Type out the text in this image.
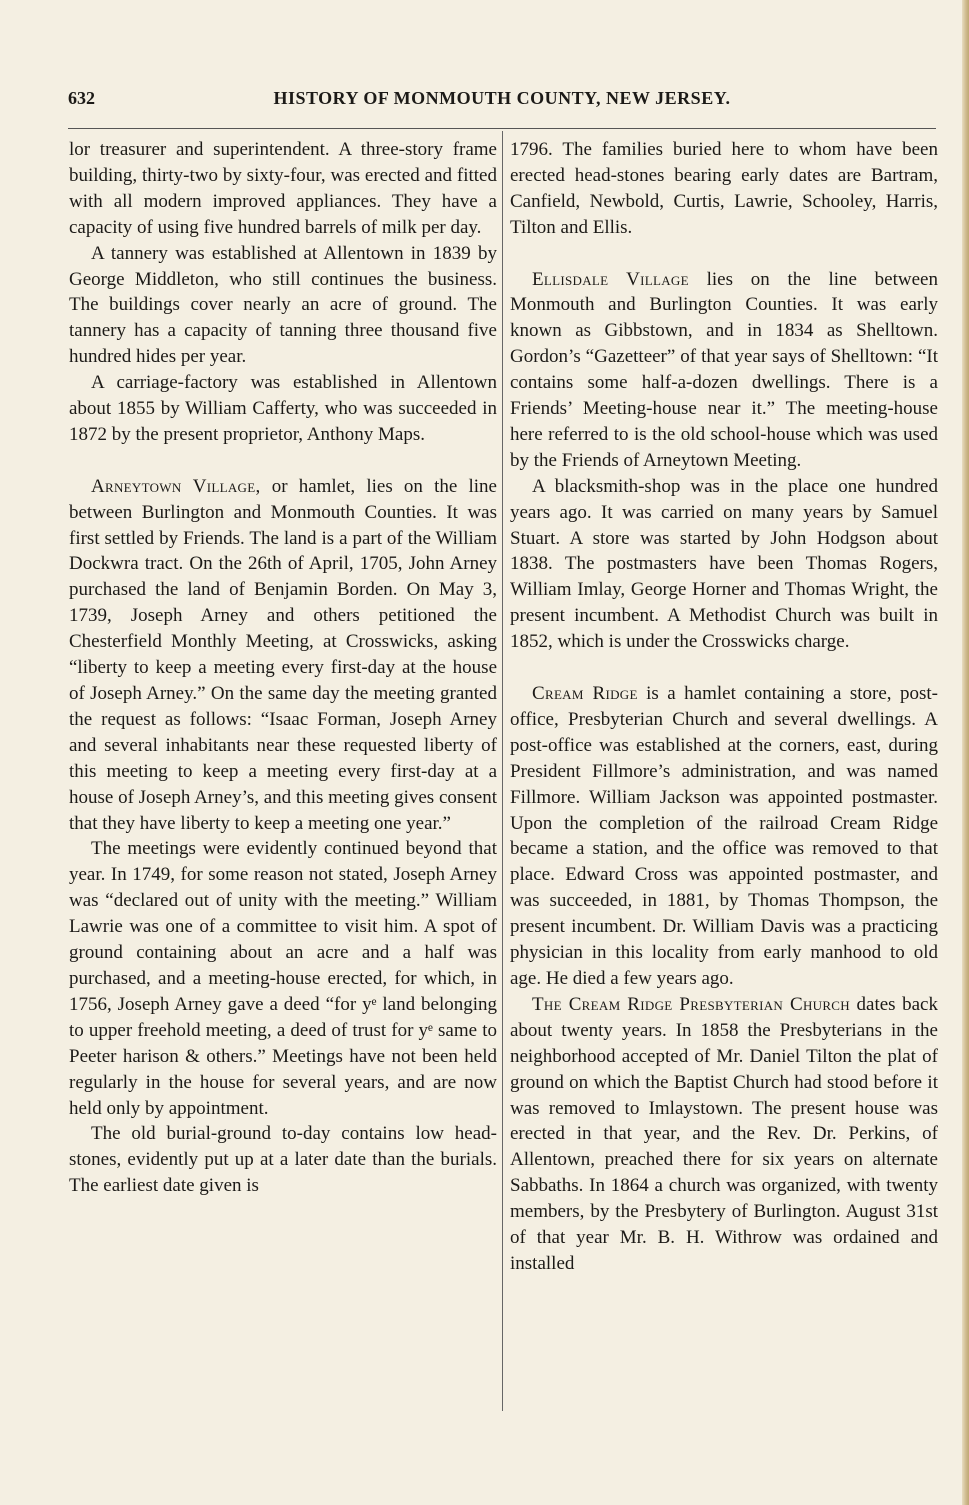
632	HISTORY OF MONMOUTH COUNTY, NEW JERSEY.

lor treasurer and superintendent. A three-story frame building, thirty-two by sixty-four, was erected and fitted with all modern improved appliances. They have a capacity of using five hundred barrels of milk per day.

A tannery was established at Allentown in 1839 by George Middleton, who still continues the business. The buildings cover nearly an acre of ground. The tannery has a capacity of tanning three thousand five hundred hides per year.

A carriage-factory was established in Allentown about 1855 by William Cafferty, who was succeeded in 1872 by the present proprietor, Anthony Maps.

Arneytown Village, or hamlet, lies on the line between Burlington and Monmouth Counties. It was first settled by Friends. The land is a part of the William Dockwra tract. On the 26th of April, 1705, John Arney purchased the land of Benjamin Borden. On May 3, 1739, Joseph Arney and others petitioned the Chesterfield Monthly Meeting, at Crosswicks, asking “liberty to keep a meeting every first-day at the house of Joseph Arney.” On the same day the meeting granted the request as follows: “Isaac Forman, Joseph Arney and several inhabitants near these requested liberty of this meeting to keep a meeting every first-day at a house of Joseph Arney’s, and this meeting gives consent that they have liberty to keep a meeting one year.”

The meetings were evidently continued beyond that year. In 1749, for some reason not stated, Joseph Arney was “declared out of unity with the meeting.” William Lawrie was one of a committee to visit him. A spot of ground containing about an acre and a half was purchased, and a meeting-house erected, for which, in 1756, Joseph Arney gave a deed “for yᵉ land belonging to upper freehold meeting, a deed of trust for yᵉ same to Peeter harison & others.” Meetings have not been held regularly in the house for several years, and are now held only by appointment.

The old burial-ground to-day contains low head-stones, evidently put up at a later date than the burials. The earliest date given is

1796. The families buried here to whom have been erected head-stones bearing early dates are Bartram, Canfield, Newbold, Curtis, Lawrie, Schooley, Harris, Tilton and Ellis.

Ellisdale Village lies on the line between Monmouth and Burlington Counties. It was early known as Gibbstown, and in 1834 as Shelltown. Gordon’s “Gazetteer” of that year says of Shelltown: “It contains some half-a-dozen dwellings. There is a Friends’ Meeting-house near it.” The meeting-house here referred to is the old school-house which was used by the Friends of Arneytown Meeting.

A blacksmith-shop was in the place one hundred years ago. It was carried on many years by Samuel Stuart. A store was started by John Hodgson about 1838. The postmasters have been Thomas Rogers, William Imlay, George Horner and Thomas Wright, the present incumbent. A Methodist Church was built in 1852, which is under the Crosswicks charge.

Cream Ridge is a hamlet containing a store, post-office, Presbyterian Church and several dwellings. A post-office was established at the corners, east, during President Fillmore’s administration, and was named Fillmore. William Jackson was appointed postmaster. Upon the completion of the railroad Cream Ridge became a station, and the office was removed to that place. Edward Cross was appointed postmaster, and was succeeded, in 1881, by Thomas Thompson, the present incumbent. Dr. William Davis was a practicing physician in this locality from early manhood to old age. He died a few years ago.

The Cream Ridge Presbyterian Church dates back about twenty years. In 1858 the Presbyterians in the neighborhood accepted of Mr. Daniel Tilton the plat of ground on which the Baptist Church had stood before it was removed to Imlaystown. The present house was erected in that year, and the Rev. Dr. Perkins, of Allentown, preached there for six years on alternate Sabbaths. In 1864 a church was organized, with twenty members, by the Presbytery of Burlington. August 31st of that year Mr. B. H. Withrow was ordained and installed
